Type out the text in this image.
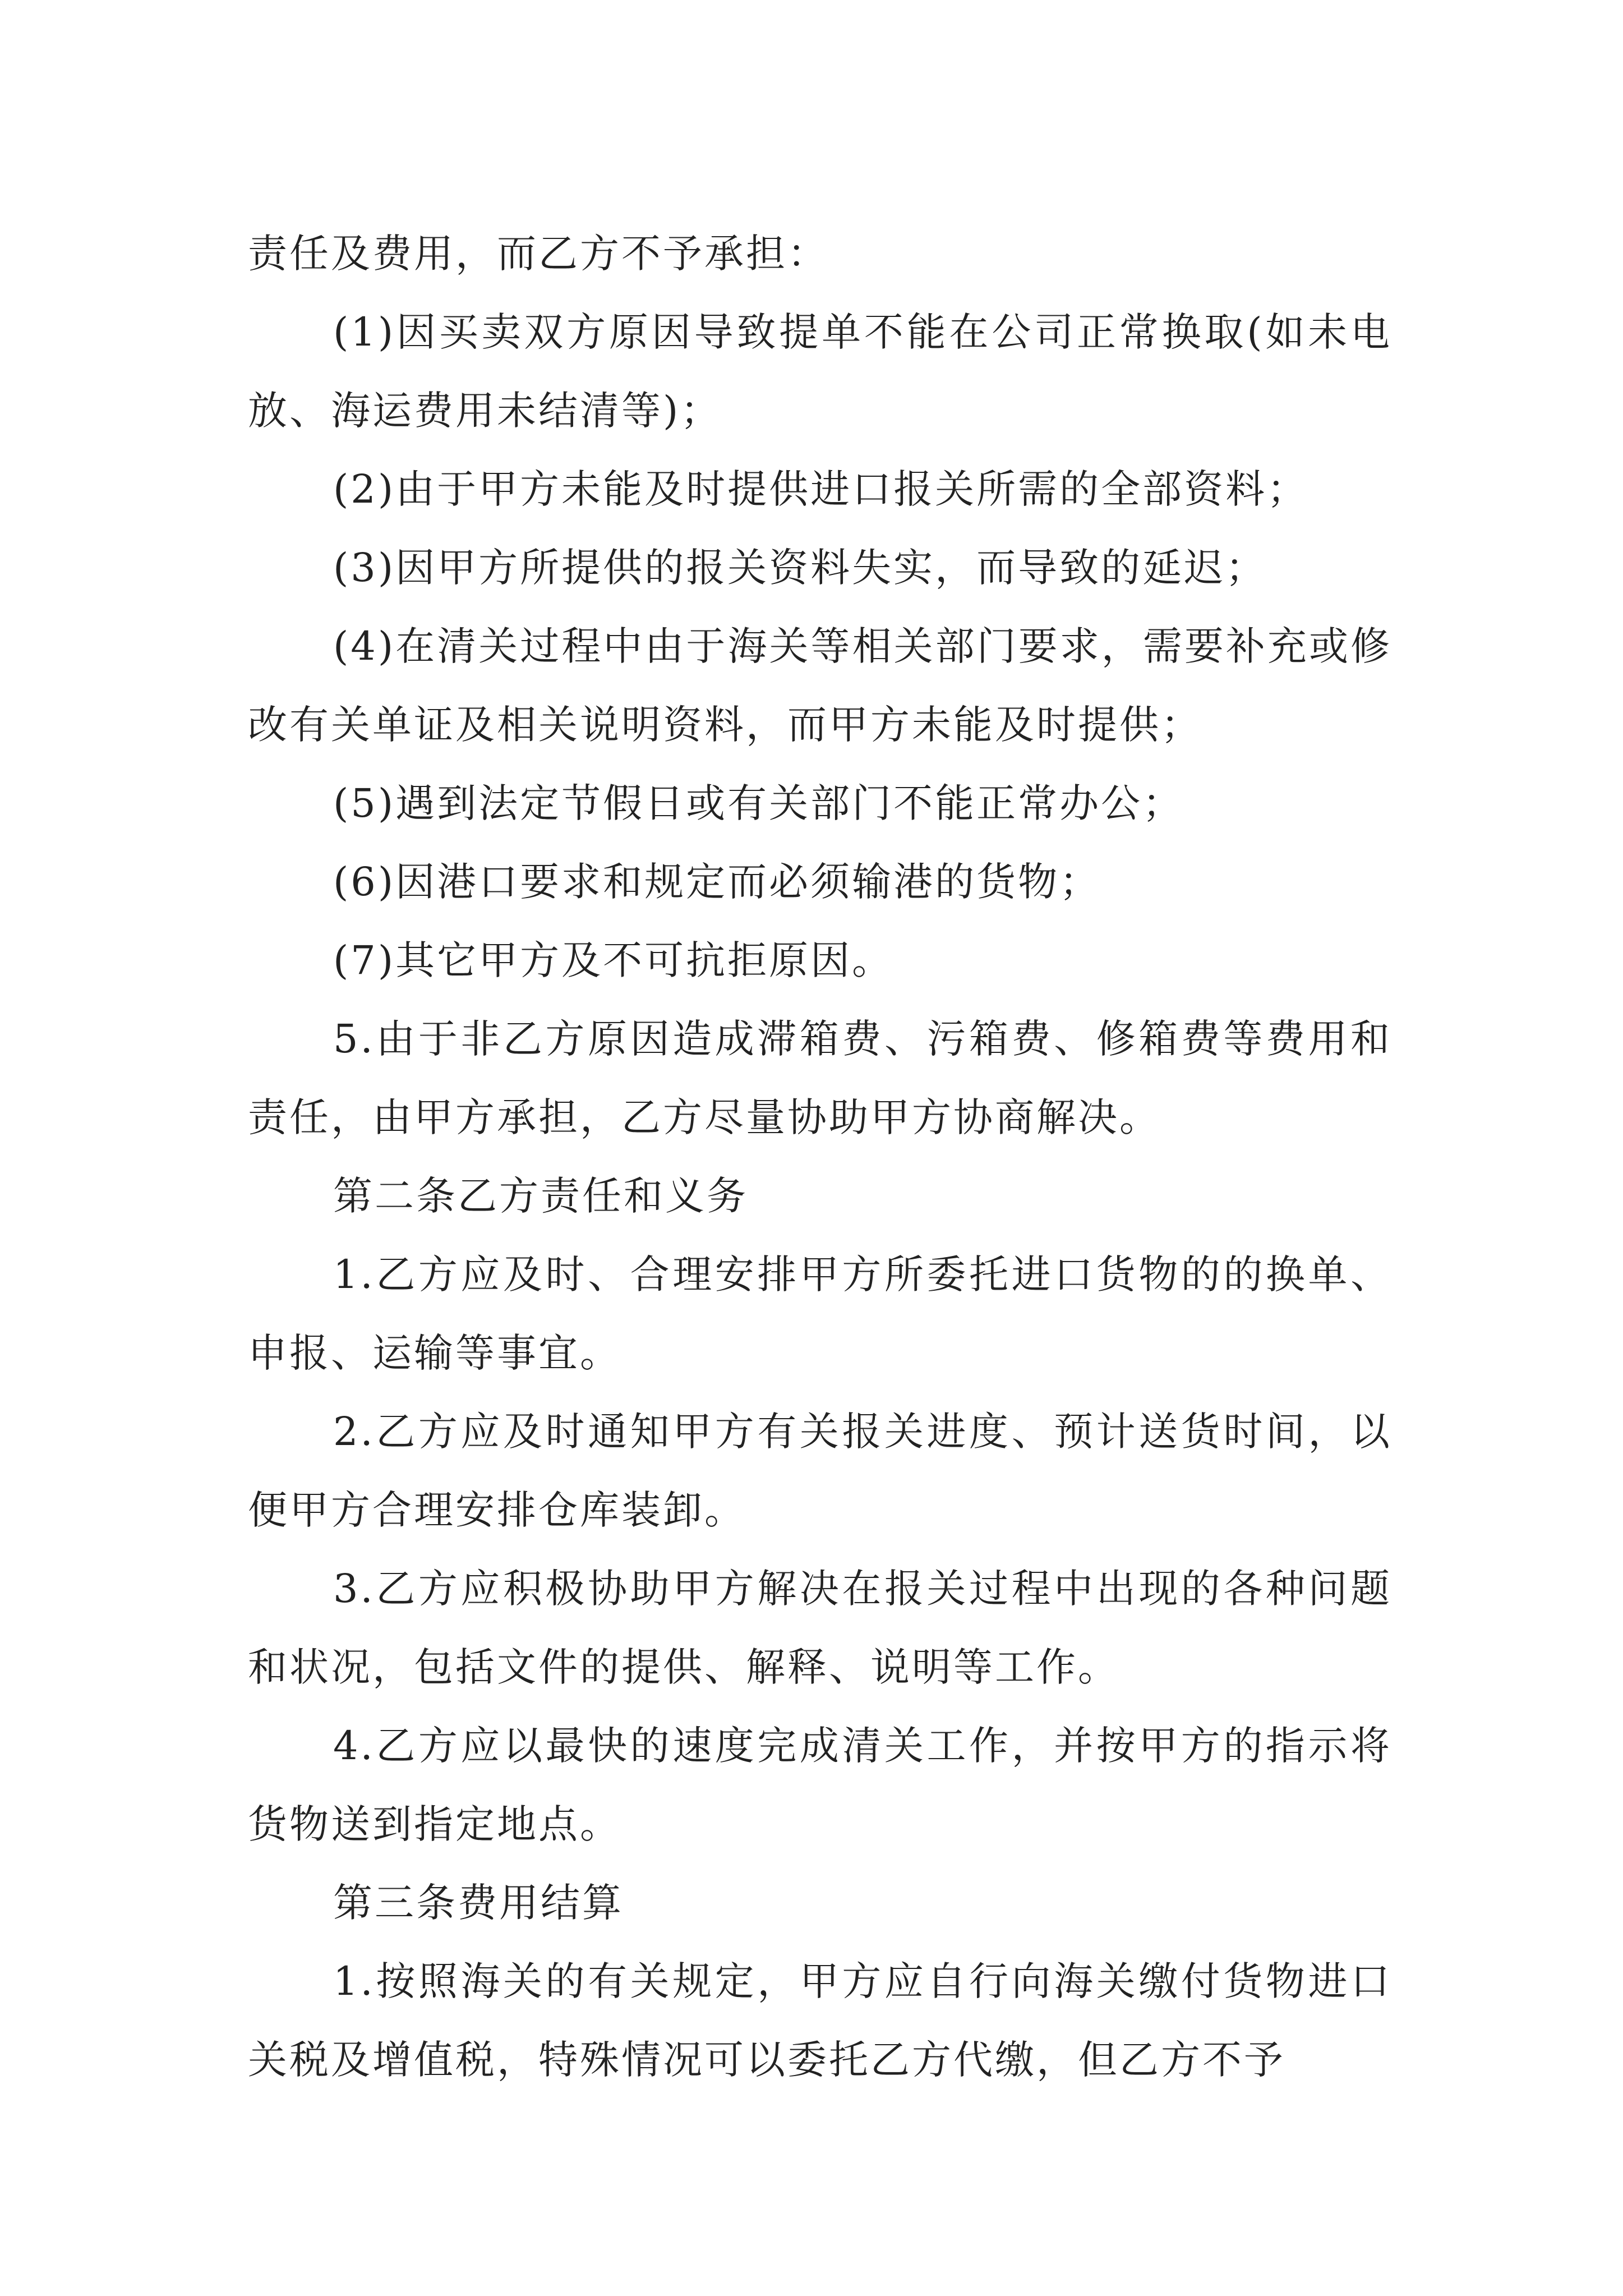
责任及费用，而乙方不予承担：

(1)因买卖双方原因导致提单不能在公司正常换取(如未电放、海运费用未结清等)；

(2)由于甲方未能及时提供进口报关所需的全部资料；

(3)因甲方所提供的报关资料失实，而导致的延迟；

(4)在清关过程中由于海关等相关部门要求，需要补充或修改有关单证及相关说明资料，而甲方未能及时提供；

(5)遇到法定节假日或有关部门不能正常办公；

(6)因港口要求和规定而必须输港的货物；

(7)其它甲方及不可抗拒原因。

5.由于非乙方原因造成滞箱费、污箱费、修箱费等费用和责任，由甲方承担，乙方尽量协助甲方协商解决。

第二条乙方责任和义务

1.乙方应及时、合理安排甲方所委托进口货物的的换单、申报、运输等事宜。

2.乙方应及时通知甲方有关报关进度、预计送货时间，以便甲方合理安排仓库装卸。

3.乙方应积极协助甲方解决在报关过程中出现的各种问题和状况，包括文件的提供、解释、说明等工作。

4.乙方应以最快的速度完成清关工作，并按甲方的指示将货物送到指定地点。

第三条费用结算

1.按照海关的有关规定，甲方应自行向海关缴付货物进口关税及增值税，特殊情况可以委托乙方代缴，但乙方不予
